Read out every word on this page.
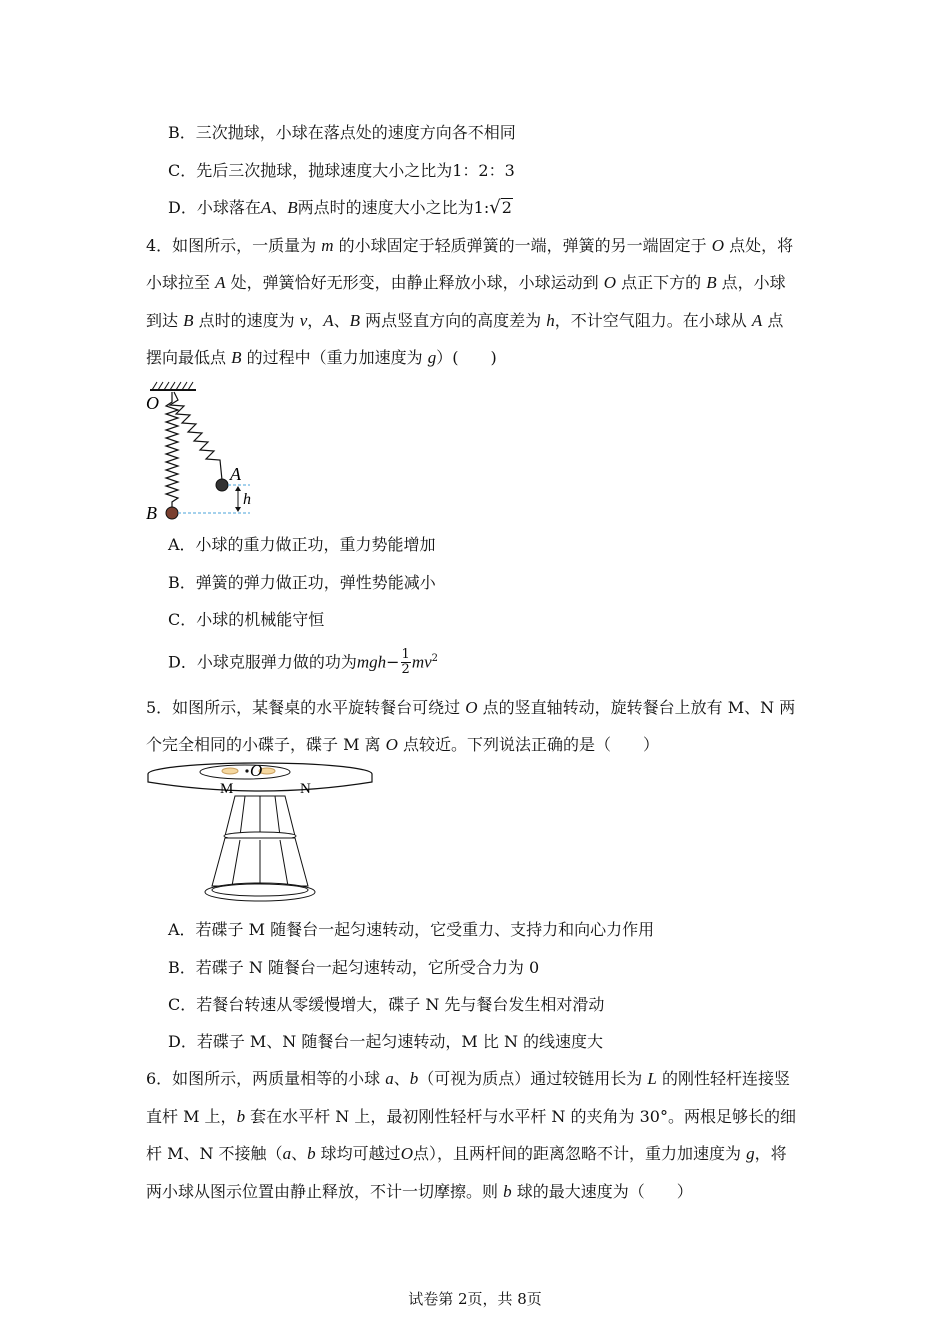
B．三次抛球，小球在落点处的速度方向各不相同
C．先后三次抛球，抛球速度大小之比为1：2：3
D．小球落在A、B两点时的速度大小之比为1:√2
4．如图所示，一质量为 m 的小球固定于轻质弹簧的一端，弹簧的另一端固定于 O 点处，将
小球拉至 A 处，弹簧恰好无形变，由静止释放小球，小球运动到 O 点正下方的 B 点，小球
到达 B 点时的速度为 v，A、B 两点竖直方向的高度差为 h，不计空气阻力。在小球从 A 点
摆向最低点 B 的过程中（重力加速度为 g）(　　)
O
A
B
h
A．小球的重力做正功，重力势能增加
B．弹簧的弹力做正功，弹性势能减小
C．小球的机械能守恒
D．小球克服弹力做的功为$mgh- \frac{1}{2} mv^2$
5．如图所示，某餐桌的水平旋转餐台可绕过 O 点的竖直轴转动，旋转餐台上放有 M、N 两
个完全相同的小碟子，碟子 M 离 O 点较近。下列说法正确的是（　　）
O
M	N
A．若碟子 M 随餐台一起匀速转动，它受重力、支持力和向心力作用
B．若碟子 N 随餐台一起匀速转动，它所受合力为 0
C．若餐台转速从零缓慢增大，碟子 N 先与餐台发生相对滑动
D．若碟子 M、N 随餐台一起匀速转动，M 比 N 的线速度大
6．如图所示，两质量相等的小球 a、b（可视为质点）通过较链用长为 L 的刚性轻杆连接竖
直杆 M 上，b 套在水平杆 N 上，最初刚性轻杆与水平杆 N 的夹角为 30°。两根足够长的细
杆 M、N 不接触（a、b 球均可越过O点），且两杆间的距离忽略不计，重力加速度为 g，将
两小球从图示位置由静止释放，不计一切摩擦。则 b 球的最大速度为（　　）
试卷第 2页，共 8页
